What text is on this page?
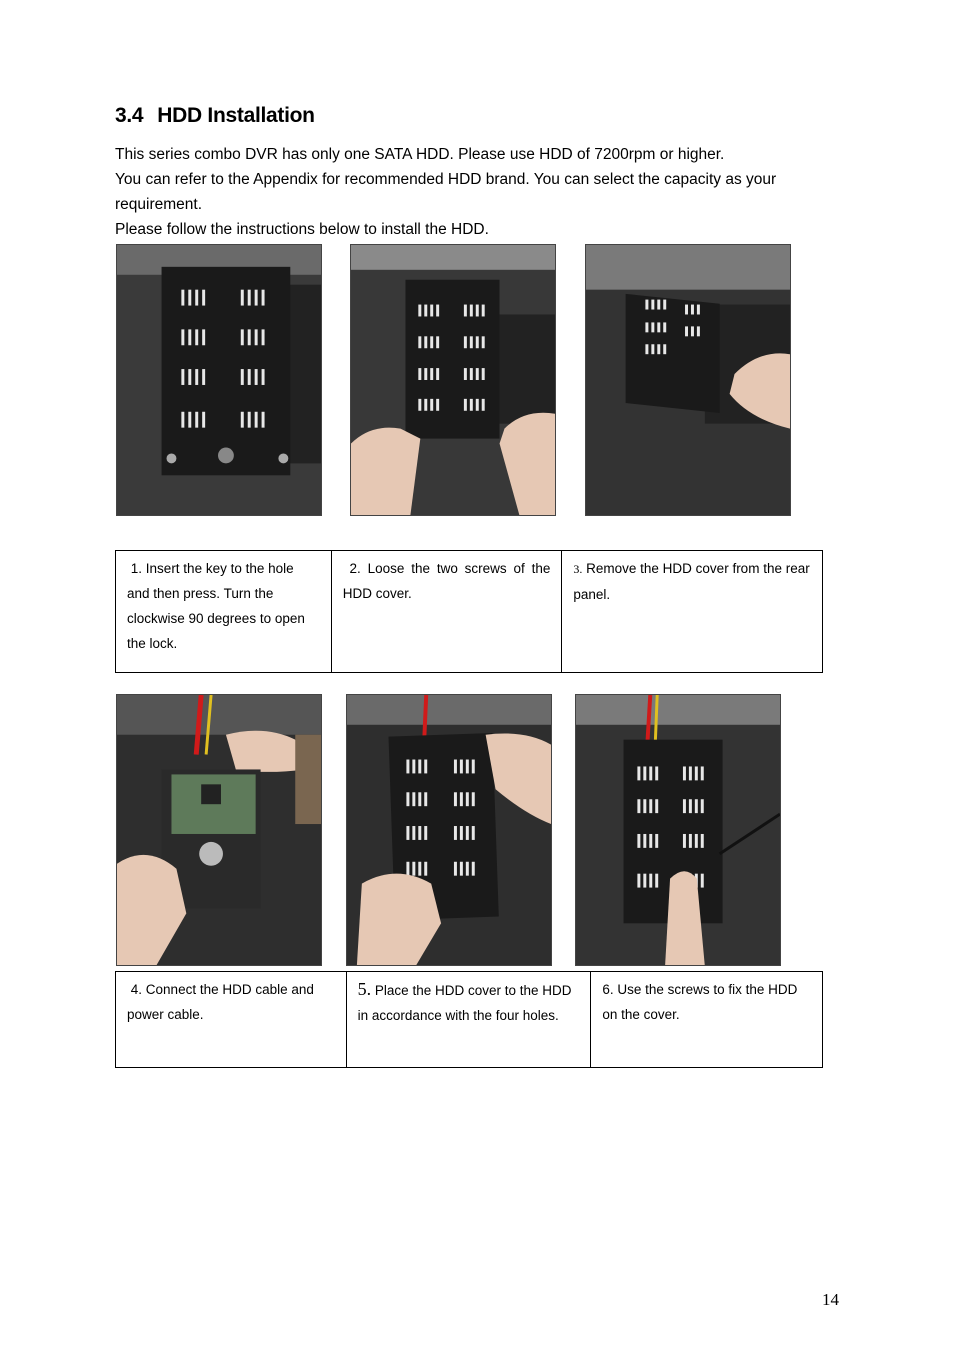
3.4 HDD Installation

This series combo DVR has only one SATA HDD. Please use HDD of 7200rpm or higher.

You can refer to the Appendix for recommended HDD brand. You can select the capacity as your requirement.

Please follow the instructions below to install the HDD.

1. Insert the key to the hole and then press. Turn the clockwise 90 degrees to open the lock.	2. Loose the two screws of the HDD cover.	3. Remove the HDD cover from the rear panel.
4. Connect the HDD cable and power cable.	5. Place the HDD cover to the HDD in accordance with the four holes.	6. Use the screws to fix the HDD on the cover.
14
